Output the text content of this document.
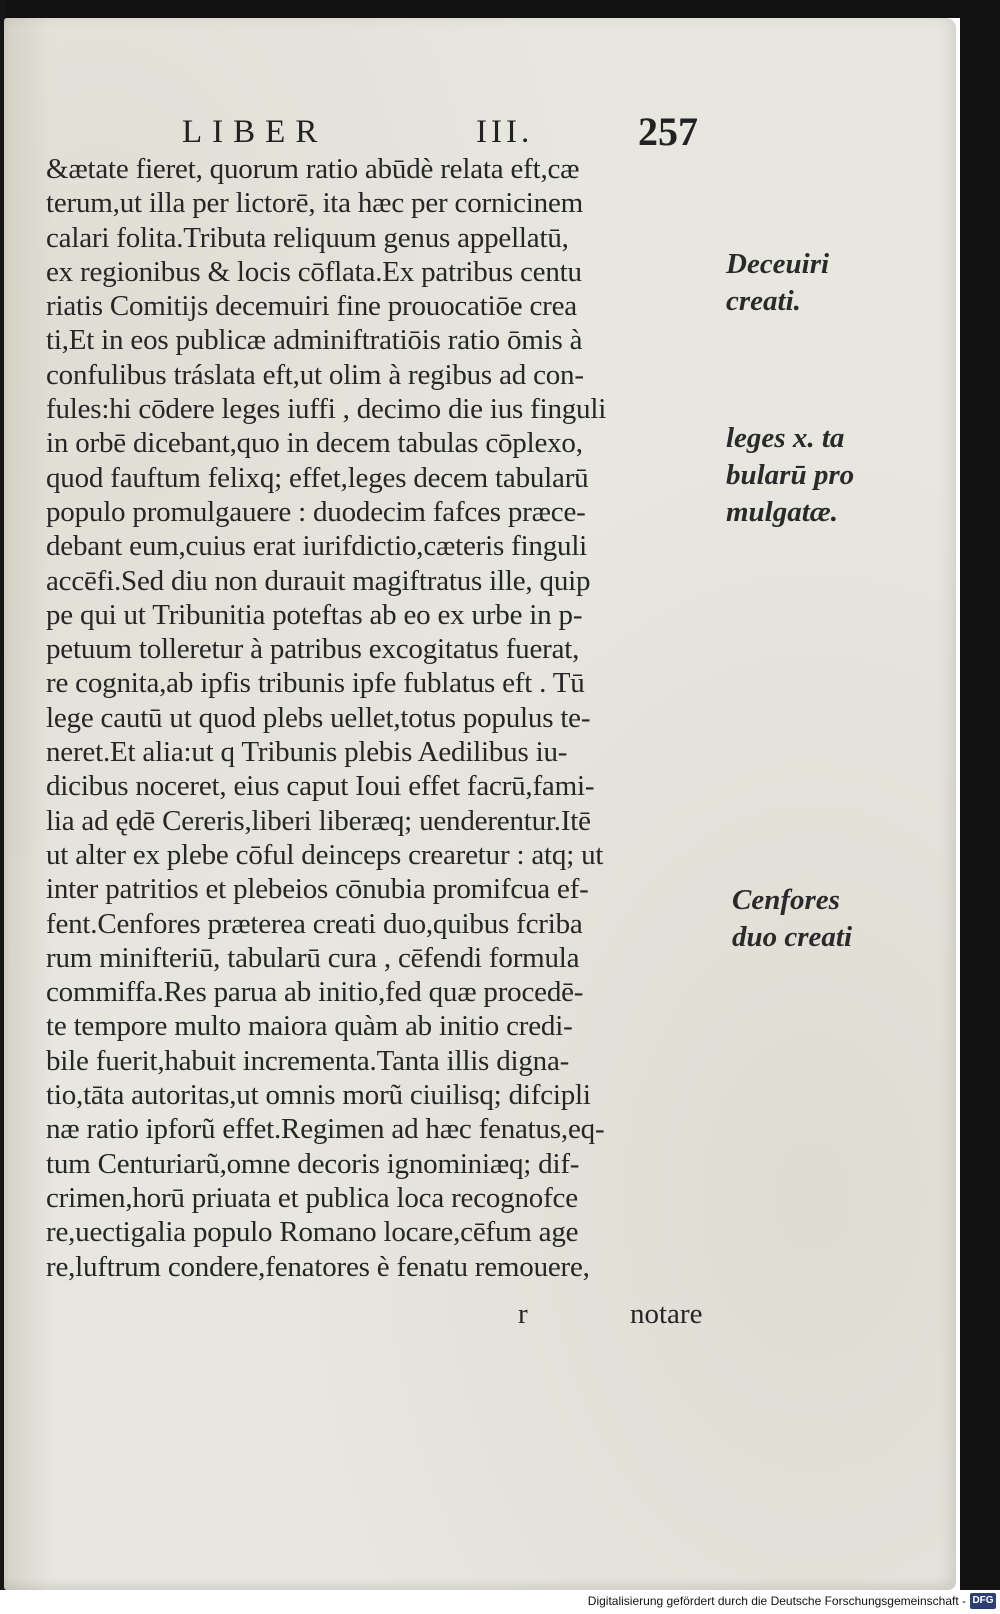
LIBER	III.	257
&ætate fieret, quorum ratio abūdè relata eft,cæ
terum,ut illa per lictorē, ita hæc per cornicinem
calari folita.Tributa reliquum genus appellatū,
ex regionibus & locis cōflata.Ex patribus centu
riatis Comitijs decemuiri fine prouocatiōe crea
ti,Et in eos publicæ adminiftratiōis ratio ōmis à
confulibus tráslata eft,ut olim à regibus ad con-
fules:hi cōdere leges iuffi , decimo die ius finguli
in orbē dicebant,quo in decem tabulas cōplexo,
quod fauftum felixq; effet,leges decem tabularū
populo promulgauere : duodecim fafces præce-
debant eum,cuius erat iurifdictio,cæteris finguli
accēfi.Sed diu non durauit magiftratus ille, quip
pe qui ut Tribunitia poteftas ab eo ex urbe in p-
petuum tolleretur à patribus excogitatus fuerat,
re cognita,ab ipfis tribunis ipfe fublatus eft . Tū
lege cautū ut quod plebs uellet,totus populus te-
neret.Et alia:ut q Tribunis plebis Aedilibus iu-
dicibus noceret, eius caput Ioui effet facrū,fami-
lia ad ędē Cereris,liberi liberæq; uenderentur.Itē
ut alter ex plebe cōful deinceps crearetur : atq; ut
inter patritios et plebeios cōnubia promifcua ef-
fent.Cenfores præterea creati duo,quibus fcriba
rum minifteriū, tabularū cura , cēfendi formula
commiffa.Res parua ab initio,fed quæ procedē-
te tempore multo maiora quàm ab initio credi-
bile fuerit,habuit incrementa.Tanta illis digna-
tio,tāta autoritas,ut omnis morũ ciuilisq; difcipli
næ ratio ipforũ effet.Regimen ad hæc fenatus,eq-
tum Centuriarũ,omne decoris ignominiæq; dif-
crimen,horū priuata et publica loca recognofce
re,uectigalia populo Romano locare,cēfum age
re,luftrum condere,fenatores è fenatu remouere,
r	notare
Deceuiri
creati.
leges x. ta
bularū pro
mulgatæ.
Cenfores
duo creati
Digitalisierung gefördert durch die Deutsche Forschungsgemeinschaft - DFG
